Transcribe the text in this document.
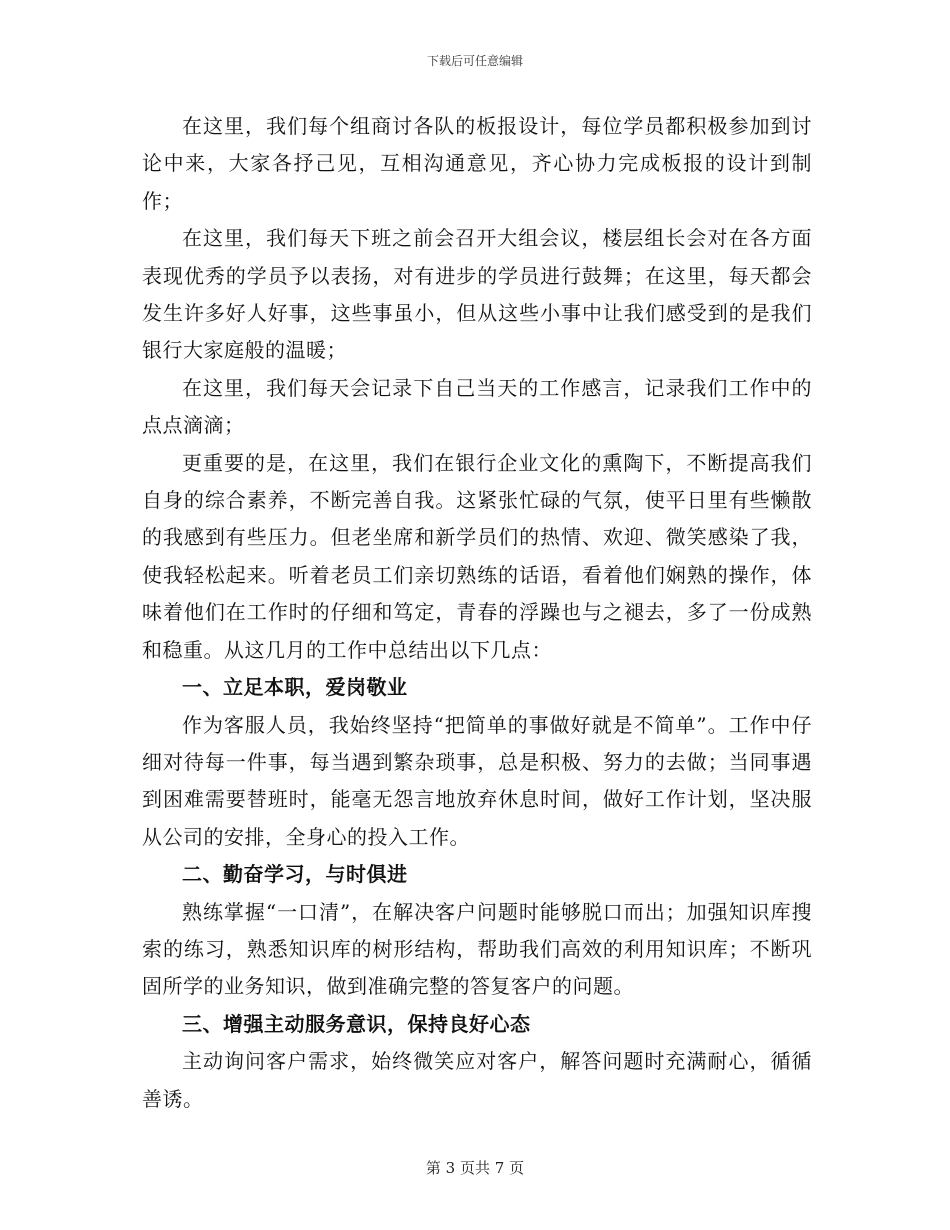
下载后可任意编辑

在这里，我们每个组商讨各队的板报设计，每位学员都积极参加到讨论中来，大家各抒己见，互相沟通意见，齐心协力完成板报的设计到制作；

在这里，我们每天下班之前会召开大组会议，楼层组长会对在各方面表现优秀的学员予以表扬，对有进步的学员进行鼓舞；在这里，每天都会发生许多好人好事，这些事虽小，但从这些小事中让我们感受到的是我们银行大家庭般的温暖；

在这里，我们每天会记录下自己当天的工作感言，记录我们工作中的点点滴滴；

更重要的是，在这里，我们在银行企业文化的熏陶下，不断提高我们自身的综合素养，不断完善自我。这紧张忙碌的气氛，使平日里有些懒散的我感到有些压力。但老坐席和新学员们的热情、欢迎、微笑感染了我，使我轻松起来。听着老员工们亲切熟练的话语，看着他们娴熟的操作，体味着他们在工作时的仔细和笃定，青春的浮躁也与之褪去，多了一份成熟和稳重。从这几月的工作中总结出以下几点：

一、立足本职，爱岗敬业

作为客服人员，我始终坚持“把简单的事做好就是不简单”。工作中仔细对待每一件事，每当遇到繁杂琐事，总是积极、努力的去做；当同事遇到困难需要替班时，能毫无怨言地放弃休息时间，做好工作计划，坚决服从公司的安排，全身心的投入工作。

二、勤奋学习，与时俱进

熟练掌握“一口清”，在解决客户问题时能够脱口而出；加强知识库搜索的练习，熟悉知识库的树形结构，帮助我们高效的利用知识库；不断巩固所学的业务知识，做到准确完整的答复客户的问题。

三、增强主动服务意识，保持良好心态

主动询问客户需求，始终微笑应对客户，解答问题时充满耐心，循循善诱。

第 3 页共 7 页
